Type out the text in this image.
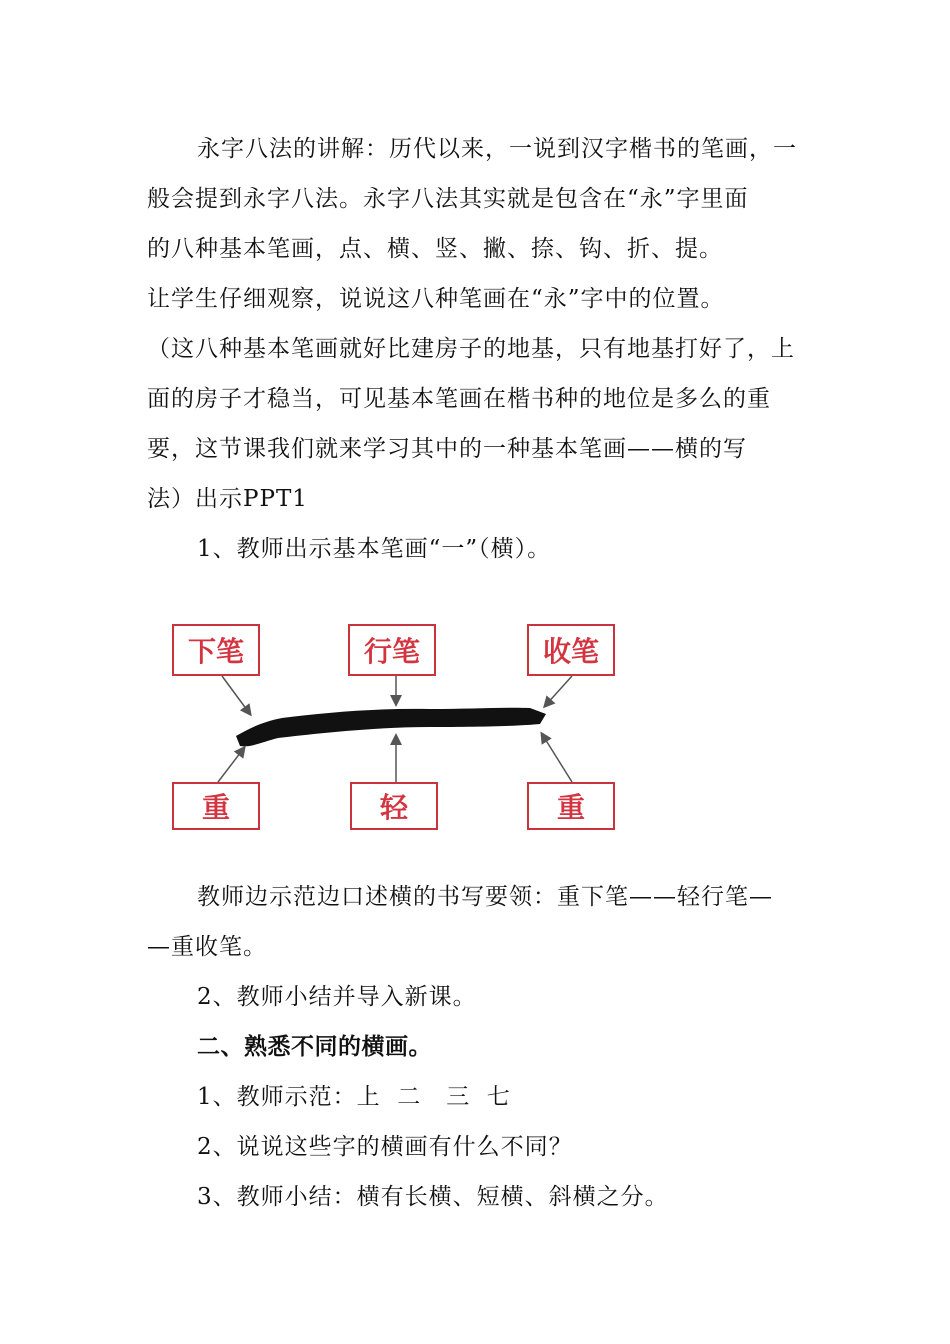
永字八法的讲解：历代以来，一说到汉字楷书的笔画，一
般会提到永字八法。永字八法其实就是包含在“永”字里面
的八种基本笔画，点、横、竖、撇、捺、钩、折、提。
让学生仔细观察，说说这八种笔画在“永”字中的位置。
（这八种基本笔画就好比建房子的地基，只有地基打好了，上
面的房子才稳当，可见基本笔画在楷书种的地位是多么的重
要，这节课我们就来学习其中的一种基本笔画——横的写
法）出示PPT1
1、教师出示基本笔画“一”（横）。
下笔	行笔	收笔
重	轻	重
教师边示范边口述横的书写要领：重下笔——轻行笔—
—重收笔。
2、教师小结并导入新课。
二、熟悉不同的横画。
1、教师示范：上  二   三  七
2、说说这些字的横画有什么不同？
3、教师小结：横有长横、短横、斜横之分。
